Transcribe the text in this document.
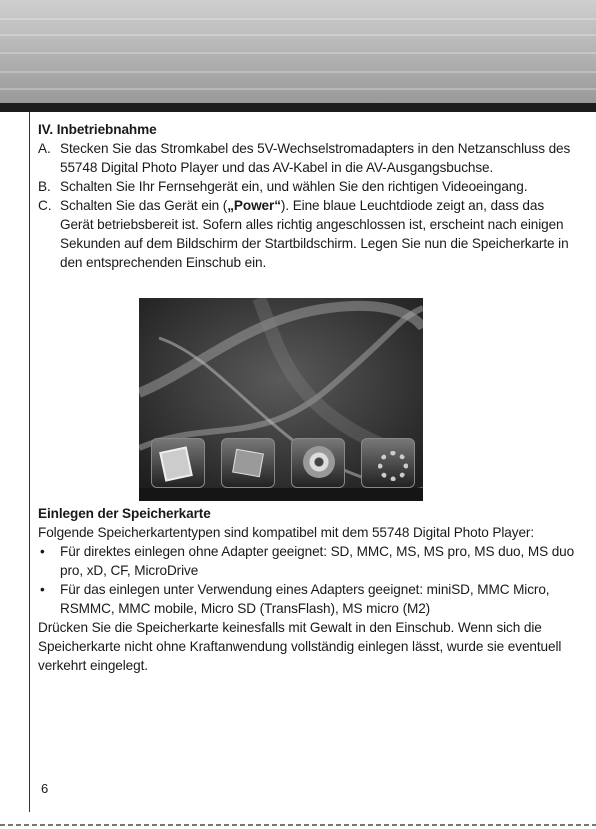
IV. Inbetriebnahme
A. Stecken Sie das Stromkabel des 5V-Wechselstromadapters in den Netzanschluss des 55748 Digital Photo Player und das AV-Kabel in die AV-Ausgangsbuchse.
B. Schalten Sie Ihr Fernsehgerät ein, und wählen Sie den richtigen Videoeingang.
C. Schalten Sie das Gerät ein („Power“). Eine blaue Leuchtdiode zeigt an, dass das Gerät betriebsbereit ist. Sofern alles richtig angeschlossen ist, erscheint nach einigen Sekunden auf dem Bildschirm der Startbildschirm. Legen Sie nun die Speicherkarte in den entsprechenden Einschub ein.
Einlegen der Speicherkarte
Folgende Speicherkartentypen sind kompatibel mit dem 55748 Digital Photo Player:
• Für direktes einlegen ohne Adapter geeignet: SD, MMC, MS, MS pro, MS duo, MS duo pro, xD, CF, MicroDrive
• Für das einlegen unter Verwendung eines Adapters geeignet: miniSD, MMC Micro, RSMMC, MMC mobile, Micro SD (TransFlash), MS micro (M2)
Drücken Sie die Speicherkarte keinesfalls mit Gewalt in den Einschub. Wenn sich die Speicherkarte nicht ohne Kraftanwendung vollständig einlegen lässt, wurde sie eventuell verkehrt eingelegt.
6
